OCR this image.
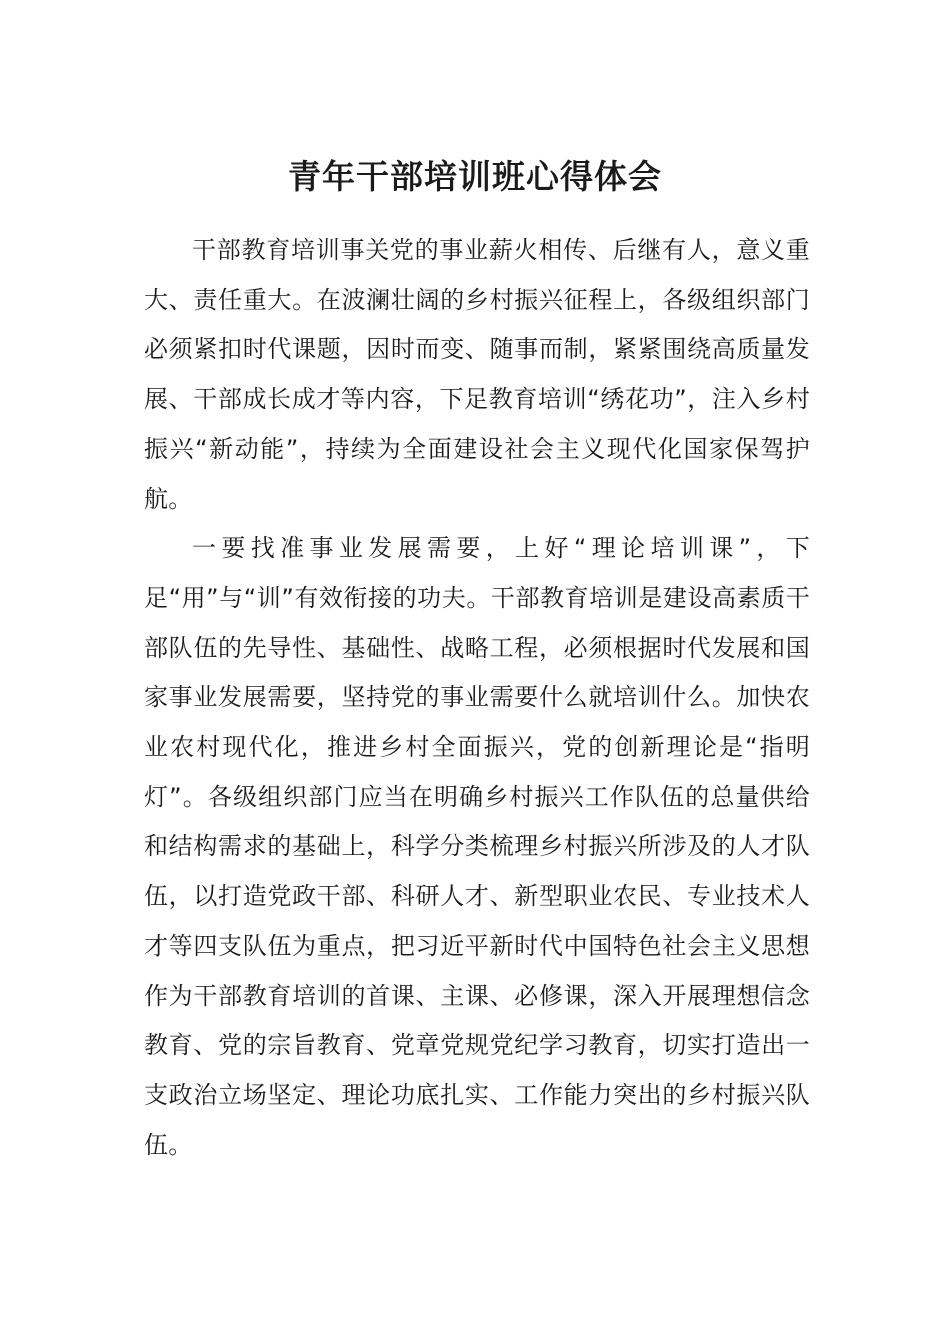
青年干部培训班心得体会

干部教育培训事关党的事业薪火相传、后继有人，意义重大、责任重大。在波澜壮阔的乡村振兴征程上，各级组织部门必须紧扣时代课题，因时而变、随事而制，紧紧围绕高质量发展、干部成长成才等内容，下足教育培训“绣花功”，注入乡村振兴“新动能”，持续为全面建设社会主义现代化国家保驾护航。

一要找准事业发展需要，上好“理论培训课”，下足“用”与“训”有效衔接的功夫。干部教育培训是建设高素质干部队伍的先导性、基础性、战略工程，必须根据时代发展和国家事业发展需要，坚持党的事业需要什么就培训什么。加快农业农村现代化，推进乡村全面振兴，党的创新理论是“指明灯”。各级组织部门应当在明确乡村振兴工作队伍的总量供给和结构需求的基础上，科学分类梳理乡村振兴所涉及的人才队伍，以打造党政干部、科研人才、新型职业农民、专业技术人才等四支队伍为重点，把习近平新时代中国特色社会主义思想作为干部教育培训的首课、主课、必修课，深入开展理想信念教育、党的宗旨教育、党章党规党纪学习教育，切实打造出一支政治立场坚定、理论功底扎实、工作能力突出的乡村振兴队伍。
